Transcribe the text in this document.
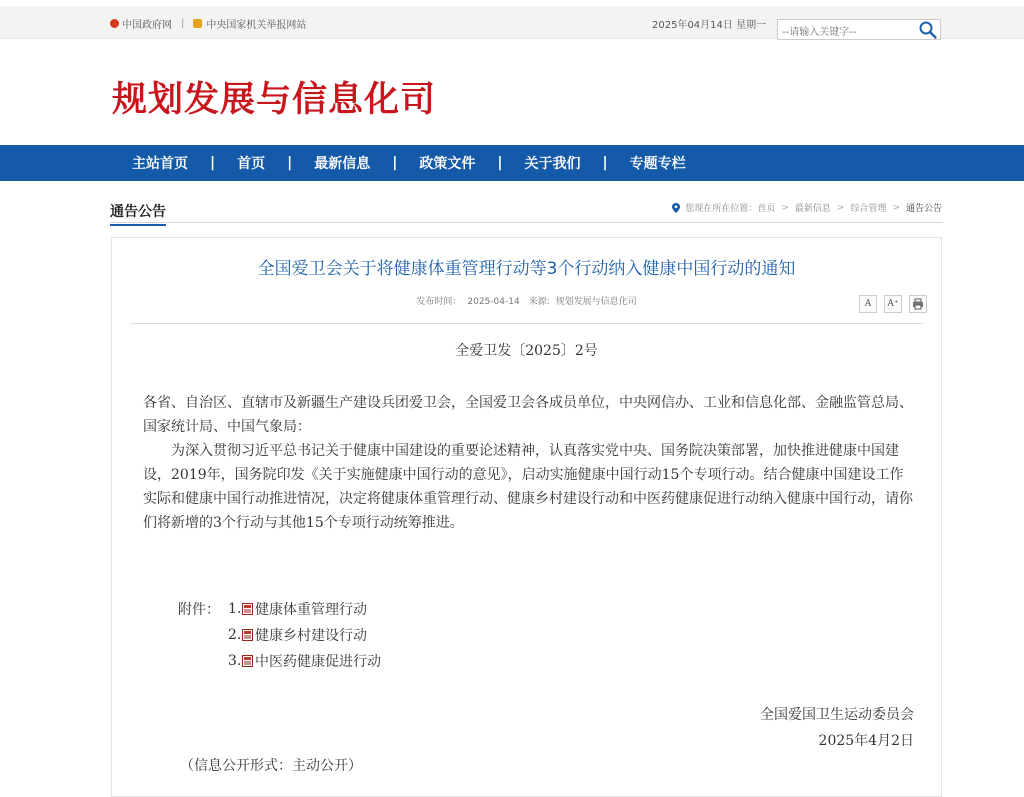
中国政府网 | 中央国家机关举报网站	2025年04月14日 星期一
--请输入关键字--
规划发展与信息化司
主站首页	|	首页	|	最新信息	|	政策文件	|	关于我们	|	专题专栏
通告公告	您现在所在位置： 首页 > 最新信息 > 综合管理 > 通告公告
全国爱卫会关于将健康体重管理行动等3个行动纳入健康中国行动的通知
发布时间： 2025-04-14 来源: 规划发展与信息化司	A	A⁺
全爱卫发〔2025〕2号
各省、自治区、直辖市及新疆生产建设兵团爱卫会，全国爱卫会各成员单位，中央网信办、工业和信息化部、金融监管总局、国家统计局、中国气象局：
为深入贯彻习近平总书记关于健康中国建设的重要论述精神，认真落实党中央、国务院决策部署，加快推进健康中国建设，2019年，国务院印发《关于实施健康中国行动的意见》，启动实施健康中国行动15个专项行动。结合健康中国建设工作实际和健康中国行动推进情况，决定将健康体重管理行动、健康乡村建设行动和中医药健康促进行动纳入健康中国行动，请你们将新增的3个行动与其他15个专项行动统筹推进。
附件： 1. 健康体重管理行动
2. 健康乡村建设行动
3. 中医药健康促进行动
全国爱国卫生运动委员会
2025年4月2日
（信息公开形式：主动公开）
